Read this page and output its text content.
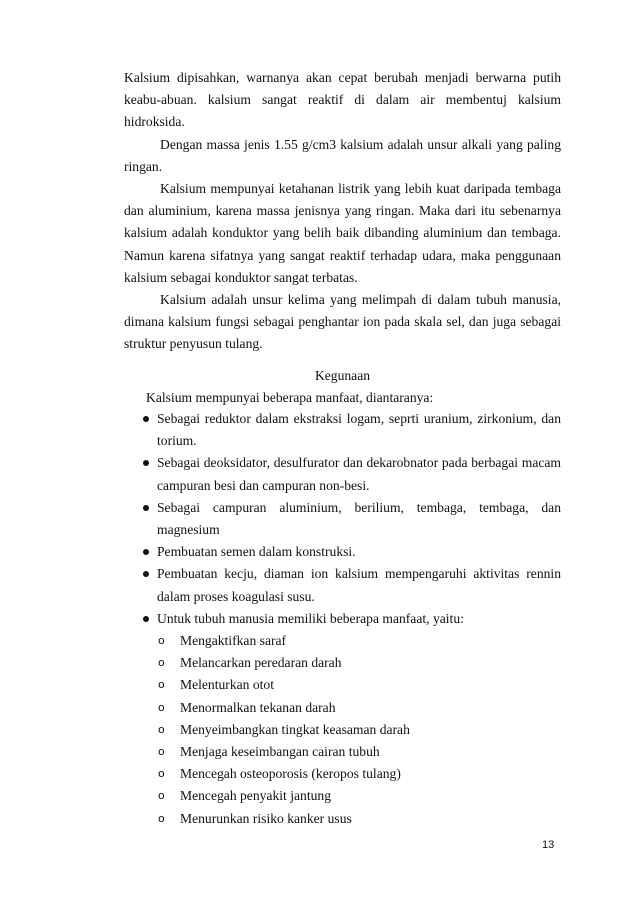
Kalsium dipisahkan, warnanya akan cepat berubah menjadi berwarna putih keabu-abuan. kalsium sangat reaktif di dalam air membentuj kalsium hidroksida.

Dengan massa jenis 1.55 g/cm3 kalsium adalah unsur alkali yang paling ringan.

Kalsium mempunyai ketahanan listrik yang lebih kuat daripada tembaga dan aluminium, karena massa jenisnya yang ringan. Maka dari itu sebenarnya kalsium adalah konduktor yang belih baik dibanding aluminium dan tembaga. Namun karena sifatnya yang sangat reaktif terhadap udara, maka penggunaan kalsium sebagai konduktor sangat terbatas.

Kalsium adalah unsur kelima yang melimpah di dalam tubuh manusia, dimana kalsium fungsi sebagai penghantar ion pada skala sel, dan juga sebagai struktur penyusun tulang.

Kegunaan

Kalsium mempunyai beberapa manfaat, diantaranya:

Sebagai reduktor dalam ekstraksi logam, seprti uranium, zirkonium, dan torium.
Sebagai deoksidator, desulfurator dan dekarobnator pada berbagai macam campuran besi dan campuran non-besi.
Sebagai campuran aluminium, berilium, tembaga, tembaga, dan magnesium
Pembuatan semen dalam konstruksi.
Pembuatan kecju, diaman ion kalsium mempengaruhi aktivitas rennin dalam proses koagulasi susu.
Untuk tubuh manusia memiliki beberapa manfaat, yaitu:
o Mengaktifkan saraf
o Melancarkan peredaran darah
o Melenturkan otot
o Menormalkan tekanan darah
o Menyeimbangkan tingkat keasaman darah
o Menjaga keseimbangan cairan tubuh
o Mencegah osteoporosis (keropos tulang)
o Mencegah penyakit jantung
o Menurunkan risiko kanker usus
13
